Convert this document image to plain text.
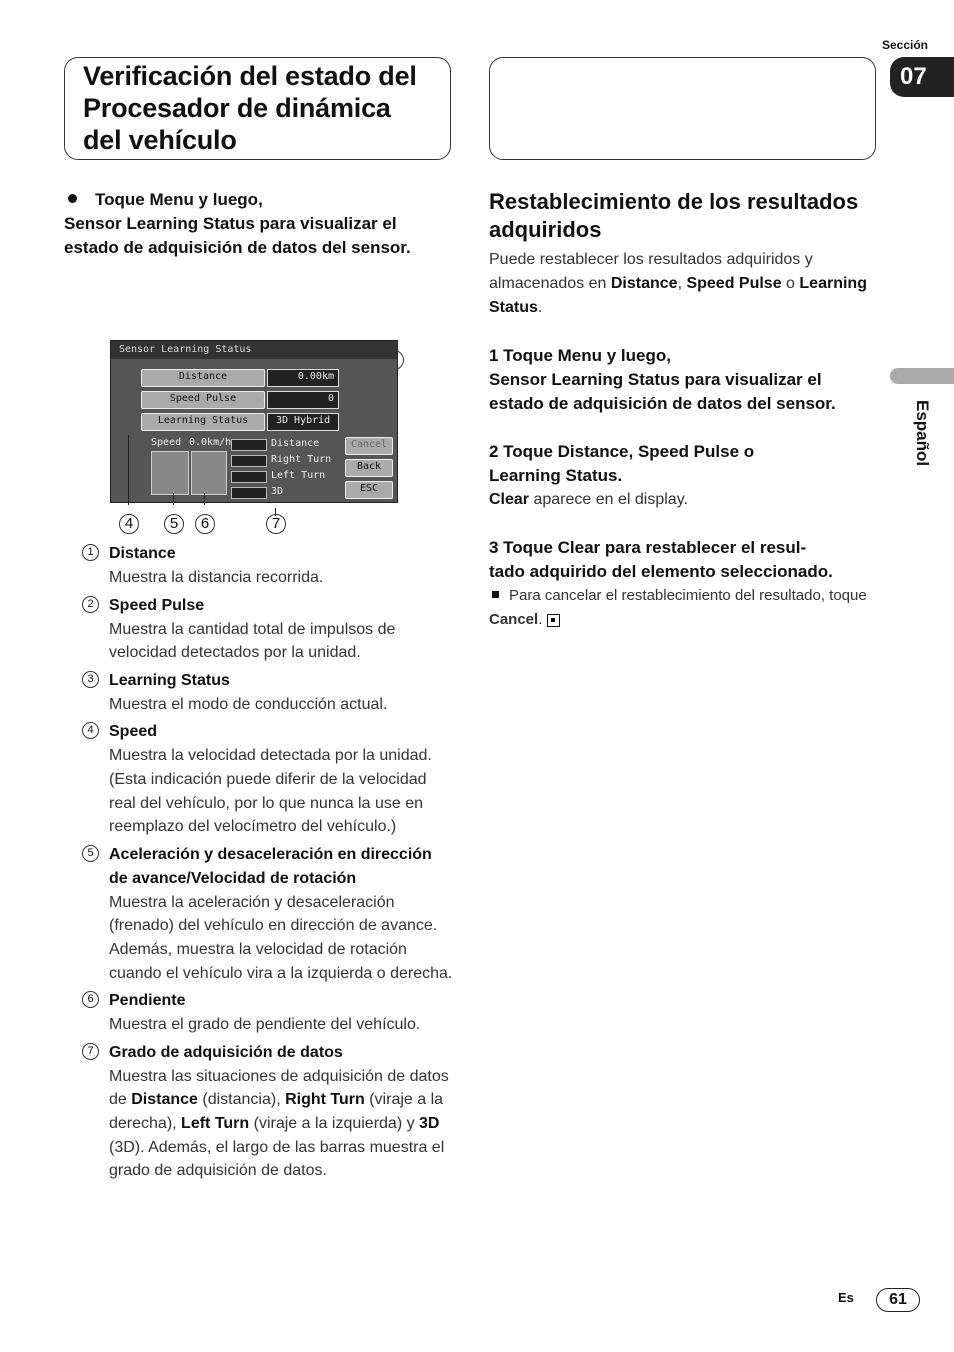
Verificación del estado del Procesador de dinámica del vehículo
Sección
07
Español
Toque Menu y luego,
Sensor Learning Status para visualizar el estado de adquisición de datos del sensor.
Sensor Learning Status
Distance	0.00km
Speed Pulse	0
Learning Status	3D Hybrid
Speed 0.0km/h	Distance
Right Turn
Left Turn
3D
Cancel
Back
ESC
4	5	6	7
1 Distance

Muestra la distancia recorrida.

2 Speed Pulse

Muestra la cantidad total de impulsos de velocidad detectados por la unidad.

3 Learning Status

Muestra el modo de conducción actual.

4 Speed

Muestra la velocidad detectada por la unidad. (Esta indicación puede diferir de la velocidad real del vehículo, por lo que nunca la use en reemplazo del velocímetro del vehículo.)

5 Aceleración y desaceleración en dirección de avance/Velocidad de rotación

Muestra la aceleración y desaceleración (frenado) del vehículo en dirección de avance. Además, muestra la velocidad de rotación cuando el vehículo vira a la izquierda o derecha.

6 Pendiente

Muestra el grado de pendiente del vehículo.

7 Grado de adquisición de datos

Muestra las situaciones de adquisición de datos de Distance (distancia), Right Turn (viraje a la derecha), Left Turn (viraje a la izquierda) y 3D (3D). Además, el largo de las barras muestra el grado de adquisición de datos.

Restablecimiento de los resultados adquiridos

Puede restablecer los resultados adquiridos y almacenados en Distance, Speed Pulse o Learning Status.

1 Toque Menu y luego,
Sensor Learning Status para visualizar el estado de adquisición de datos del sensor.
2 Toque Distance, Speed Pulse o
Learning Status.

Clear aparece en el display.

3 Toque Clear para restablecer el resul-
tado adquirido del elemento seleccionado.

Para cancelar el restablecimiento del resultado, toque Cancel.

Es	61
